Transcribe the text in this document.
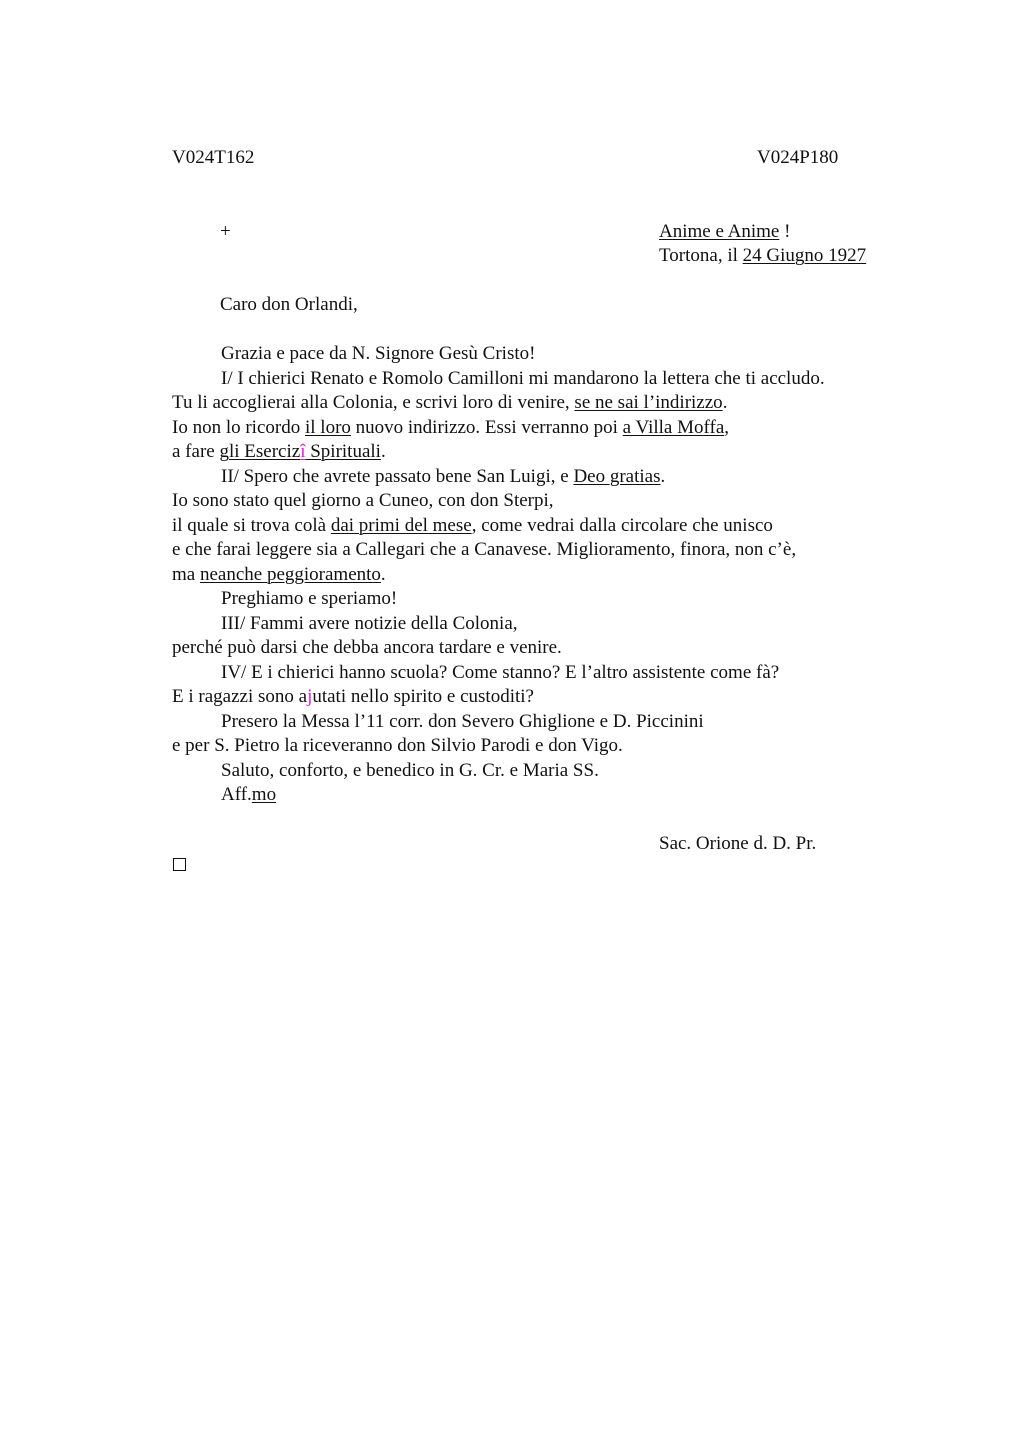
V024T162	V024P180
+	Anime e Anime !
Tortona, il 24 Giugno 1927
Caro don Orlandi,
Grazia e pace da N. Signore Gesù Cristo!
I/ I chierici Renato e Romolo Camilloni mi mandarono la lettera che ti accludo.
Tu li accoglierai alla Colonia, e scrivi loro di venire, se ne sai l’indirizzo.
Io non lo ricordo il loro nuovo indirizzo. Essi verranno poi a Villa Moffa,
a fare gli Esercizî Spirituali.
II/ Spero che avrete passato bene San Luigi, e Deo gratias.
Io sono stato quel giorno a Cuneo, con don Sterpi,
il quale si trova colà dai primi del mese, come vedrai dalla circolare che unisco
e che farai leggere sia a Callegari che a Canavese. Miglioramento, finora, non c’è,
ma neanche peggioramento.
Preghiamo e speriamo!
III/ Fammi avere notizie della Colonia,
perché può darsi che debba ancora tardare e venire.
IV/ E i chierici hanno scuola? Come stanno? E l’altro assistente come fà?
E i ragazzi sono ajutati nello spirito e custoditi?
Presero la Messa l’11 corr. don Severo Ghiglione e D. Piccinini
e per S. Pietro la riceveranno don Silvio Parodi e don Vigo.
Saluto, conforto, e benedico in G. Cr. e Maria SS.
Aff.mo
Sac. Orione d. D. Pr.
